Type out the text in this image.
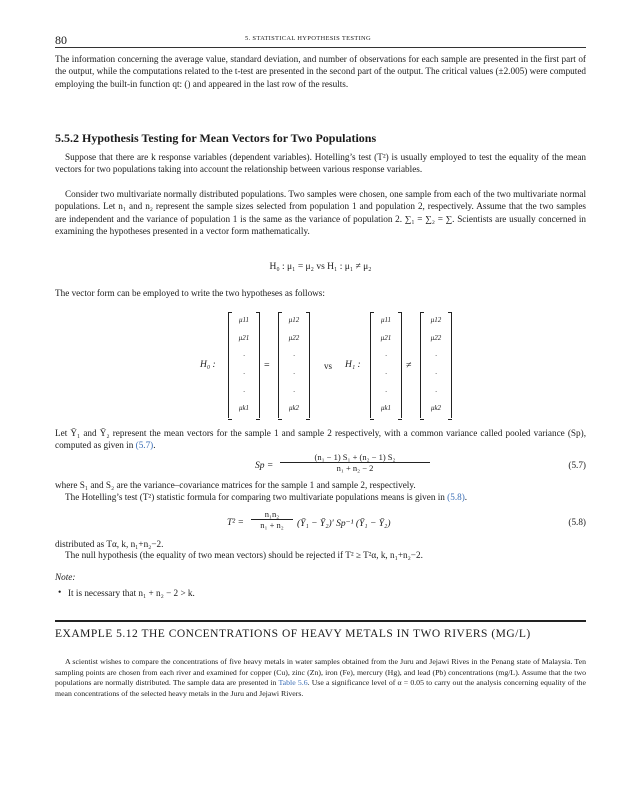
80	5. STATISTICAL HYPOTHESIS TESTING
The information concerning the average value, standard deviation, and number of observations for each sample are presented in the first part of the output, while the computations related to the t-test are presented in the second part of the output. The critical values (±2.005) were computed employing the built-in function qt: () and appeared in the last row of the results.
5.5.2 Hypothesis Testing for Mean Vectors for Two Populations
Suppose that there are k response variables (dependent variables). Hotelling’s test (T²) is usually employed to test the equality of the mean vectors for two populations taking into account the relationship between various response variables.
Consider two multivariate normally distributed populations. Two samples were chosen, one sample from each of the two multivariate normal populations. Let n₁ and n₂ represent the sample sizes selected from population 1 and population 2, respectively. Assume that the two samples are independent and the variance of population 1 is the same as the variance of population 2. ∑₁ = ∑₂ = ∑. Scientists are usually concerned in examining the hypotheses presented in a vector form mathematically.
H₀ : μ₁ = μ₂ vs H₁ : μ₁ ≠ μ₂
The vector form can be employed to write the two hypotheses as follows:
H₀ :
μ11
μ21
·
·
·
μk1
=
μ12
μ22
·
·
·
μk2
vs H₁ :
μ11
μ21
·
·
·
μk1
≠
μ12
μ22
·
·
·
μk2
Let Ȳ₁ and Ȳ₂ represent the mean vectors for the sample 1 and sample 2 respectively, with a common variance called pooled variance (Sp), computed as given in (5.7).
$Sp = \frac{\text{(n₁ − 1) S₁ + (n₂ − 1) S₂}}{\text{n₁ + n₂ − 2}}$	(5.7)
where S₁ and S₂ are the variance–covariance matrices for the sample 1 and sample 2, respectively.
The Hotelling’s test (T²) statistic formula for comparing two multivariate populations means is given in (5.8).
$T^2 = \frac{\text{n₁n₂}}{\text{n₁ + n₂}}$ (Ȳ₁ − Ȳ₂)′ Sp⁻¹ (Ȳ₁ − Ȳ₂)	(5.8)
distributed as Tα, k, n₁+n₂−2.
The null hypothesis (the equality of two mean vectors) should be rejected if T² ≥ T²α, k, n₁+n₂−2.
Note:
• It is necessary that n₁ + n₂ − 2 > k.
EXAMPLE 5.12 THE CONCENTRATIONS OF HEAVY METALS IN TWO RIVERS (MG/L)
A scientist wishes to compare the concentrations of five heavy metals in water samples obtained from the Juru and Jejawi Rives in the Penang state of Malaysia. Ten sampling points are chosen from each river and examined for copper (Cu), zinc (Zn), iron (Fe), mercury (Hg), and lead (Pb) concentrations (mg/L). Assume that the two populations are normally distributed. The sample data are presented in Table 5.6. Use a significance level of α = 0.05 to carry out the analysis concerning equality of the mean concentrations of the selected heavy metals in the Juru and Jejawi Rivers.
